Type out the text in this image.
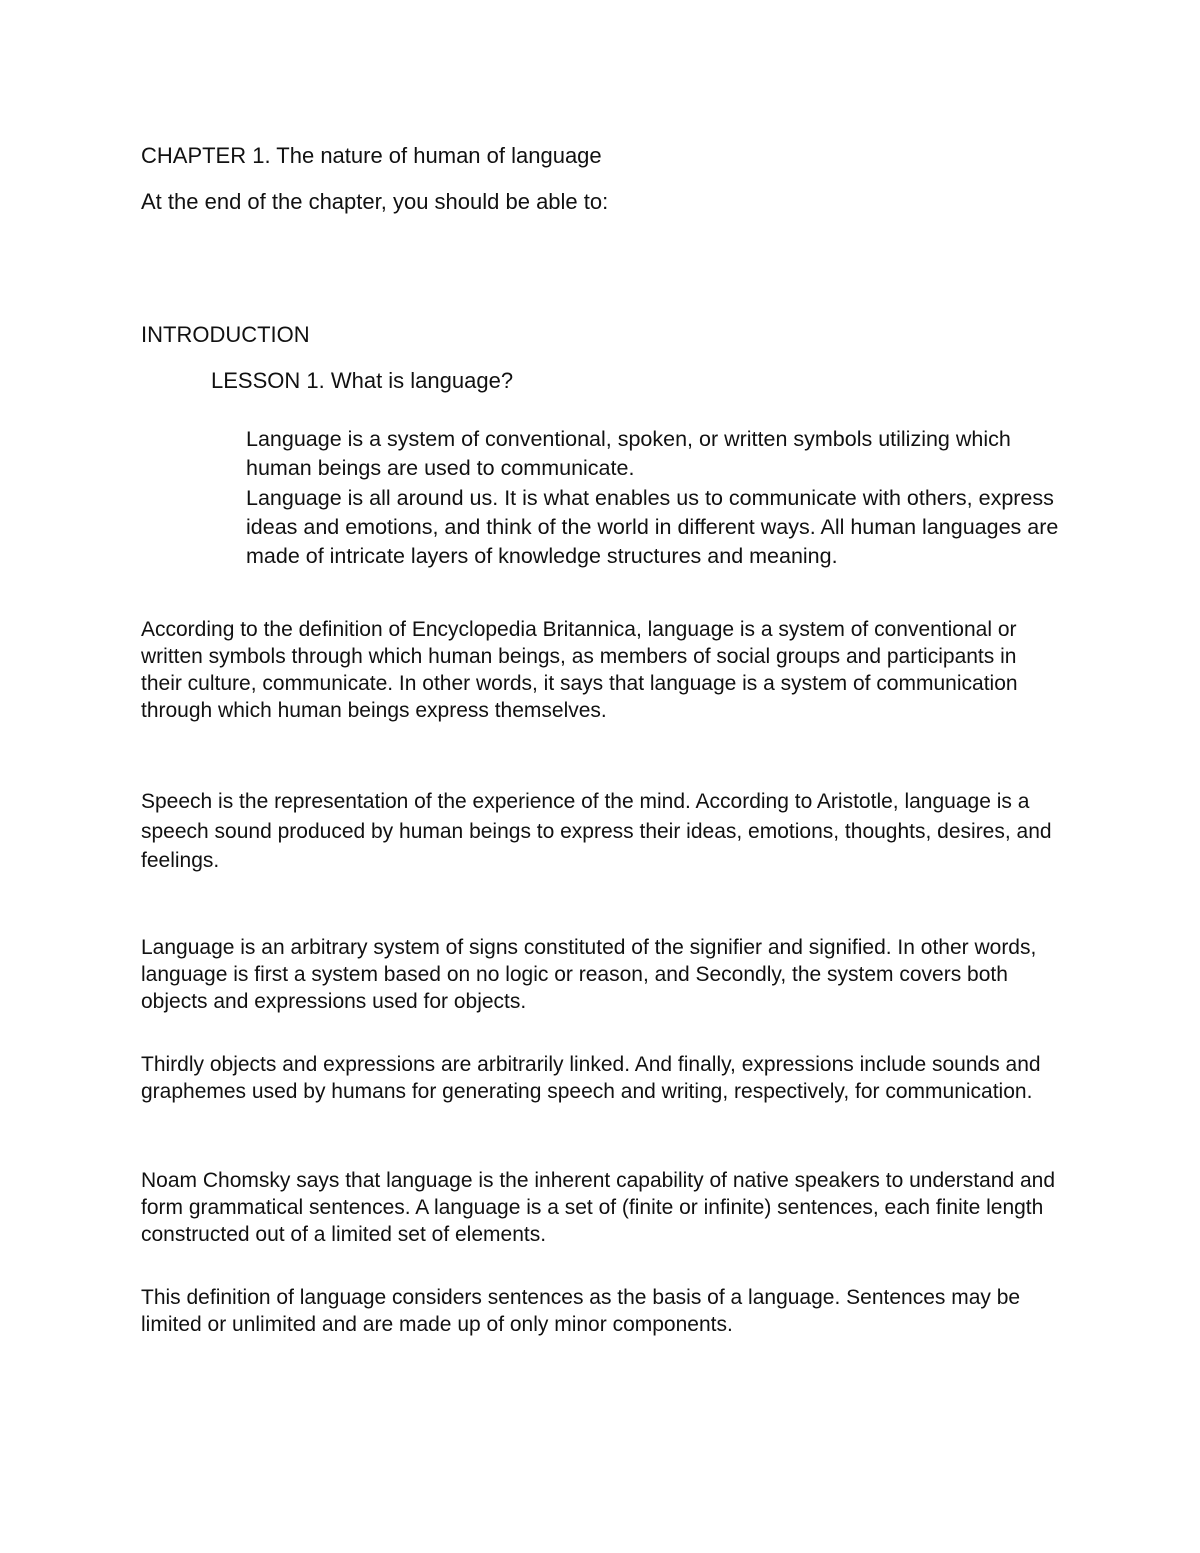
CHAPTER 1. The nature of human of language

At the end of the chapter, you should be able to:

INTRODUCTION

LESSON 1. What is language?

Language is a system of conventional, spoken, or written symbols utilizing which human beings are used to communicate.

Language is all around us. It is what enables us to communicate with others, express ideas and emotions, and think of the world in different ways. All human languages are made of intricate layers of knowledge structures and meaning.

According to the definition of Encyclopedia Britannica, language is a system of conventional or written symbols through which human beings, as members of social groups and participants in their culture, communicate. In other words, it says that language is a system of communication through which human beings express themselves.

Speech is the representation of the experience of the mind. According to Aristotle, language is a speech sound produced by human beings to express their ideas, emotions, thoughts, desires, and feelings.

Language is an arbitrary system of signs constituted of the signifier and signified. In other words, language is first a system based on no logic or reason, and Secondly, the system covers both objects and expressions used for objects.

Thirdly objects and expressions are arbitrarily linked. And finally, expressions include sounds and graphemes used by humans for generating speech and writing, respectively, for communication.

Noam Chomsky says that language is the inherent capability of native speakers to understand and form grammatical sentences. A language is a set of (finite or infinite) sentences, each finite length constructed out of a limited set of elements.

This definition of language considers sentences as the basis of a language. Sentences may be limited or unlimited and are made up of only minor components.
